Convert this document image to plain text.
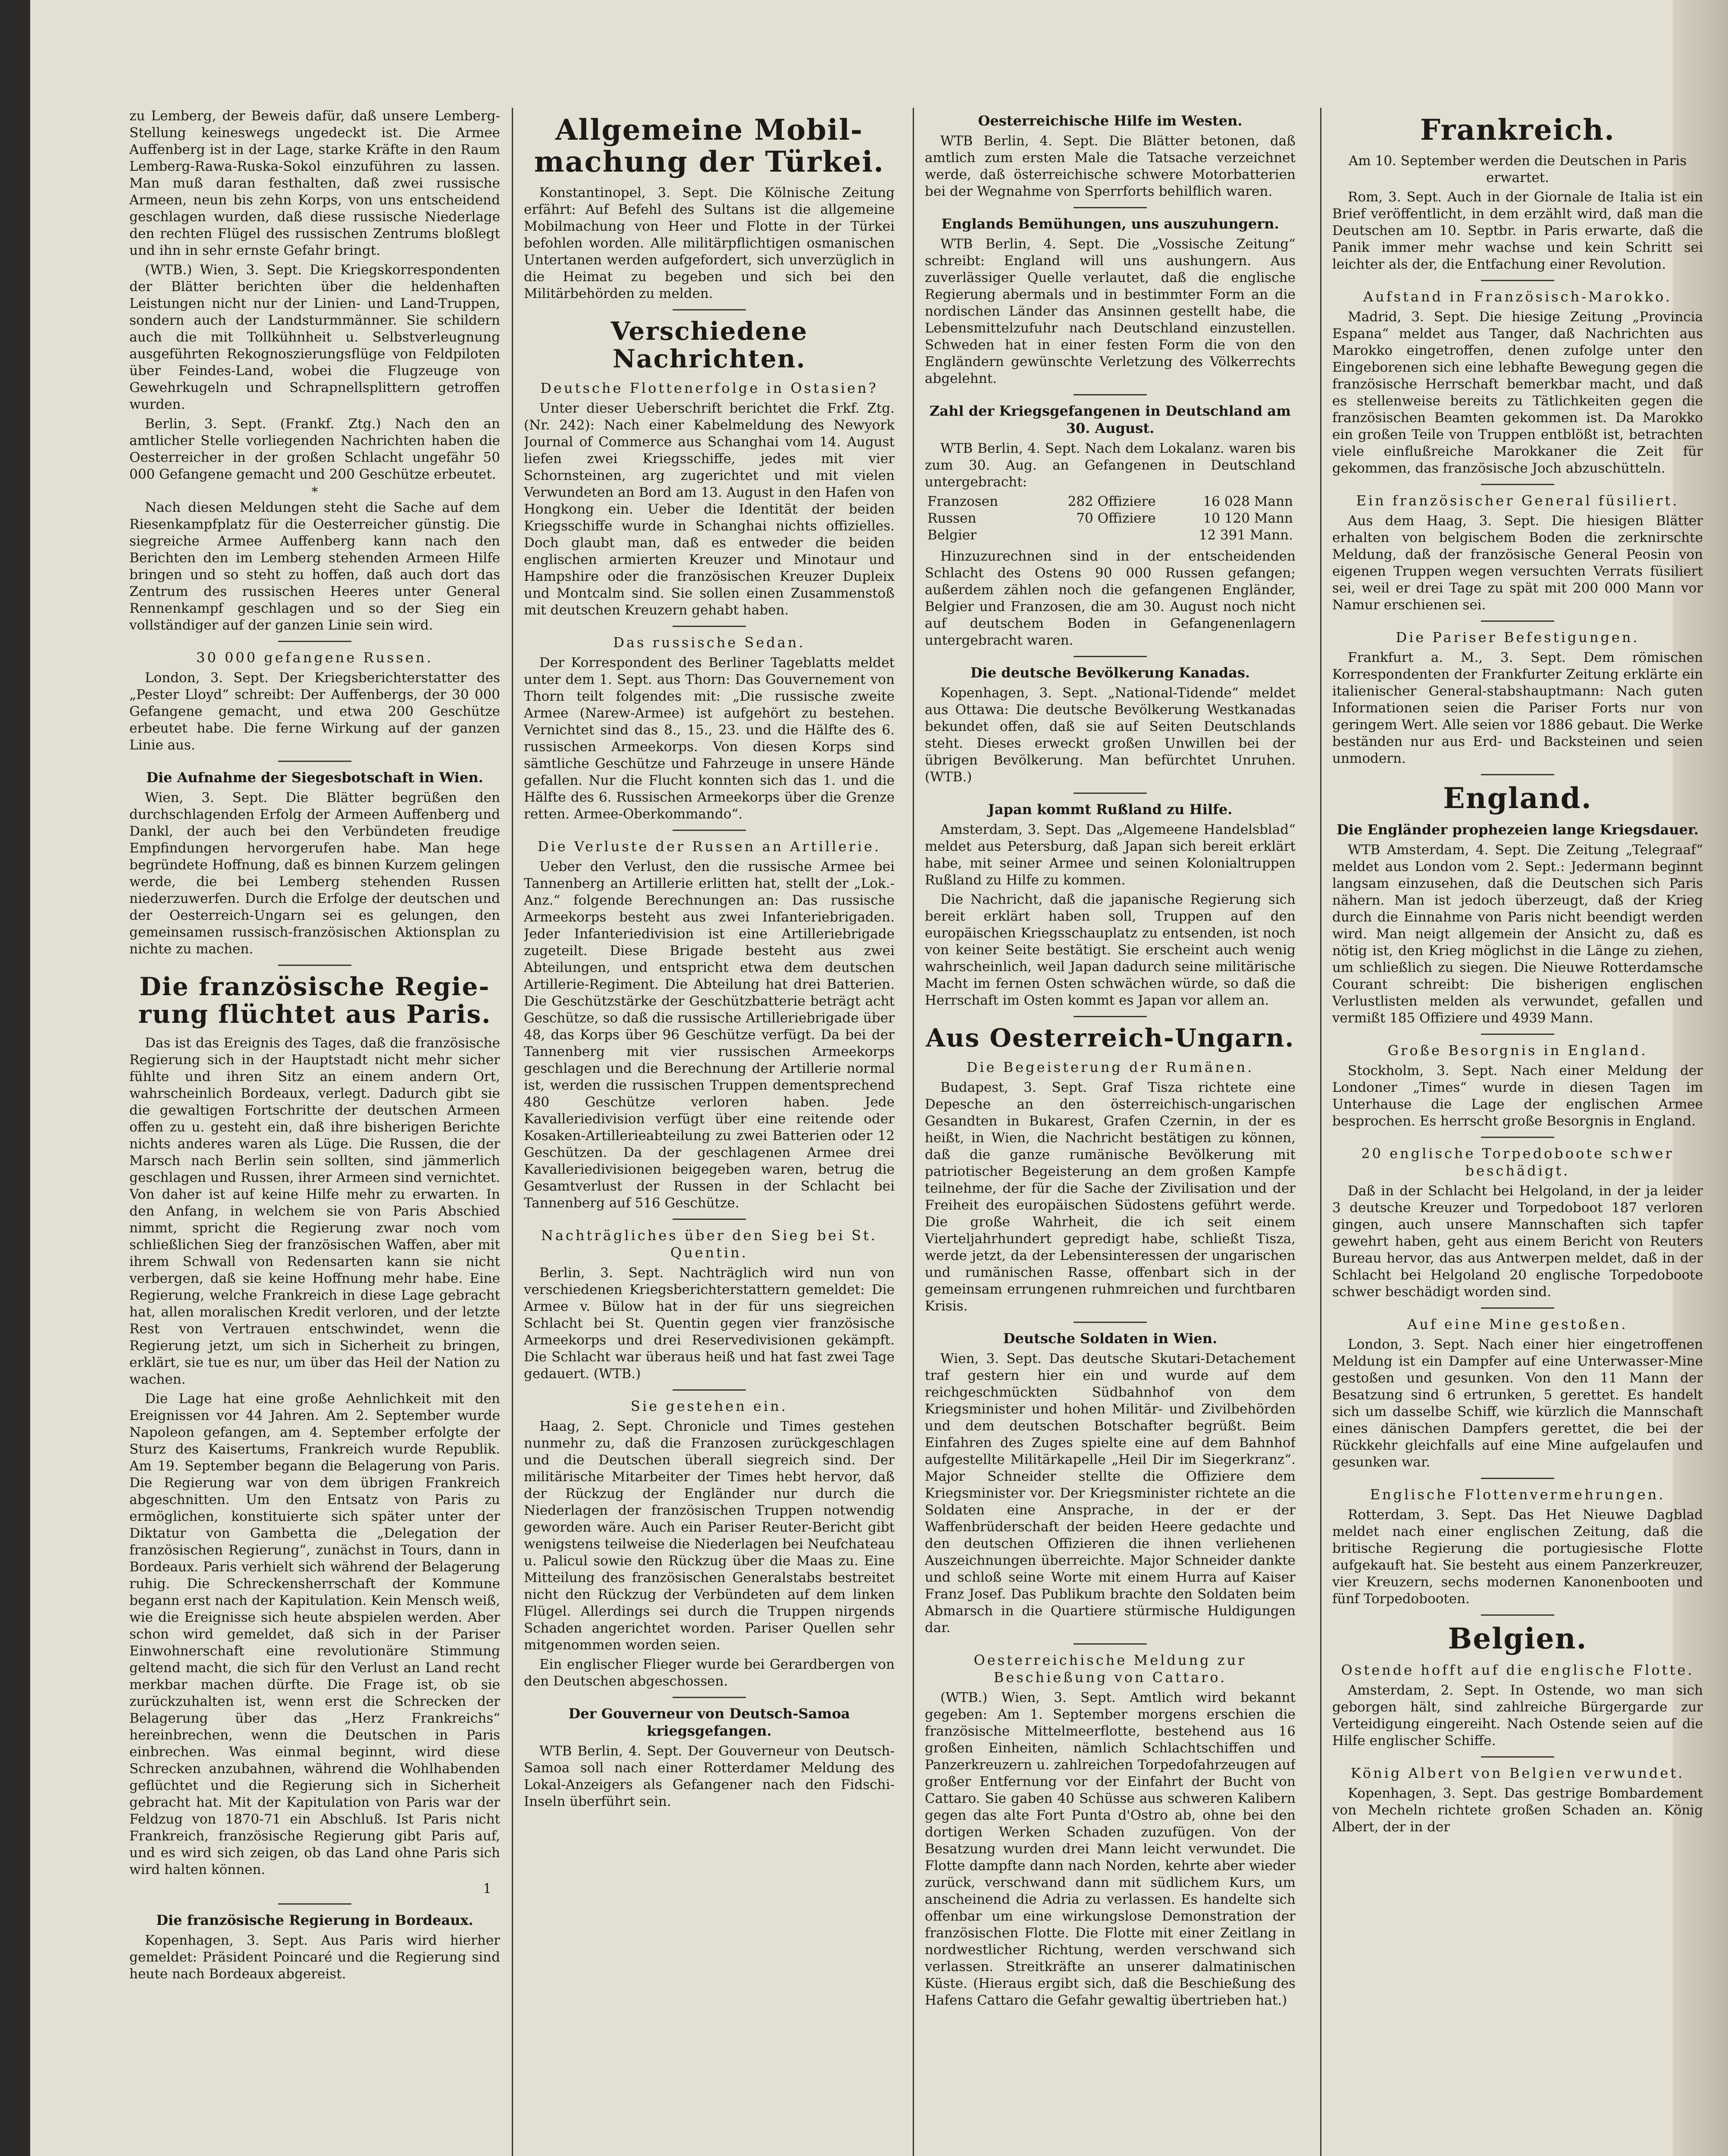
zu Lemberg, der Beweis dafür, daß unsere Lemberg-Stellung keineswegs ungedeckt ist. Die Armee Auffenberg ist in der Lage, starke Kräfte in den Raum Lemberg-Rawa-Ruska-Sokol einzuführen zu lassen. Man muß daran festhalten, daß zwei russische Armeen, neun bis zehn Korps, von uns entscheidend geschlagen wurden, daß diese russische Niederlage den rechten Flügel des russischen Zentrums bloßlegt und ihn in sehr ernste Gefahr bringt.

(WTB.) Wien, 3. Sept. Die Kriegskorrespondenten der Blätter berichten über die heldenhaften Leistungen nicht nur der Linien- und Land-Truppen, sondern auch der Landsturmmänner. Sie schildern auch die mit Tollkühnheit u. Selbstverleugnung ausgeführten Rekognoszierungsflüge von Feldpiloten über Feindes-Land, wobei die Flugzeuge von Gewehrkugeln und Schrapnellsplittern getroffen wurden.

Berlin, 3. Sept. (Frankf. Ztg.) Nach den an amtlicher Stelle vorliegenden Nachrichten haben die Oesterreicher in der großen Schlacht ungefähr 50 000 Gefangene gemacht und 200 Geschütze erbeutet.

*

Nach diesen Meldungen steht die Sache auf dem Riesenkampfplatz für die Oesterreicher günstig. Die siegreiche Armee Auffenberg kann nach den Berichten den im Lemberg stehenden Armeen Hilfe bringen und so steht zu hoffen, daß auch dort das Zentrum des russischen Heeres unter General Rennenkampf geschlagen und so der Sieg ein vollständiger auf der ganzen Linie sein wird.

30 000 gefangene Russen.

London, 3. Sept. Der Kriegsberichterstatter des „Pester Lloyd“ schreibt: Der Auffenbergs, der 30 000 Gefangene gemacht, und etwa 200 Geschütze erbeutet habe. Die ferne Wirkung auf der ganzen Linie aus.

Die Aufnahme der Siegesbotschaft in Wien.

Wien, 3. Sept. Die Blätter begrüßen den durchschlagenden Erfolg der Armeen Auffenberg und Dankl, der auch bei den Verbündeten freudige Empfindungen hervorgerufen habe. Man hege begründete Hoffnung, daß es binnen Kurzem gelingen werde, die bei Lemberg stehenden Russen niederzuwerfen. Durch die Erfolge der deutschen und der Oesterreich-Ungarn sei es gelungen, den gemeinsamen russisch-französischen Aktionsplan zu nichte zu machen.

Die französische Regie-
rung flüchtet aus Paris.

Das ist das Ereignis des Tages, daß die französische Regierung sich in der Hauptstadt nicht mehr sicher fühlte und ihren Sitz an einem andern Ort, wahrscheinlich Bordeaux, verlegt. Dadurch gibt sie die gewaltigen Fortschritte der deutschen Armeen offen zu u. gesteht ein, daß ihre bisherigen Berichte nichts anderes waren als Lüge. Die Russen, die der Marsch nach Berlin sein sollten, sind jämmerlich geschlagen und Russen, ihrer Armeen sind vernichtet. Von daher ist auf keine Hilfe mehr zu erwarten. In den Anfang, in welchem sie von Paris Abschied nimmt, spricht die Regierung zwar noch vom schließlichen Sieg der französischen Waffen, aber mit ihrem Schwall von Redensarten kann sie nicht verbergen, daß sie keine Hoffnung mehr habe. Eine Regierung, welche Frankreich in diese Lage gebracht hat, allen moralischen Kredit verloren, und der letzte Rest von Vertrauen entschwindet, wenn die Regierung jetzt, um sich in Sicherheit zu bringen, erklärt, sie tue es nur, um über das Heil der Nation zu wachen.

Die Lage hat eine große Aehnlichkeit mit den Ereignissen vor 44 Jahren. Am 2. September wurde Napoleon gefangen, am 4. September erfolgte der Sturz des Kaisertums, Frankreich wurde Republik. Am 19. September begann die Belagerung von Paris. Die Regierung war von dem übrigen Frankreich abgeschnitten. Um den Entsatz von Paris zu ermöglichen, konstituierte sich später unter der Diktatur von Gambetta die „Delegation der französischen Regierung“, zunächst in Tours, dann in Bordeaux. Paris verhielt sich während der Belagerung ruhig. Die Schreckensherrschaft der Kommune begann erst nach der Kapitulation. Kein Mensch weiß, wie die Ereignisse sich heute abspielen werden. Aber schon wird gemeldet, daß sich in der Pariser Einwohnerschaft eine revolutionäre Stimmung geltend macht, die sich für den Verlust an Land recht merkbar machen dürfte. Die Frage ist, ob sie zurückzuhalten ist, wenn erst die Schrecken der Belagerung über das „Herz Frankreichs“ hereinbrechen, wenn die Deutschen in Paris einbrechen. Was einmal beginnt, wird diese Schrecken anzubahnen, während die Wohlhabenden geflüchtet und die Regierung sich in Sicherheit gebracht hat. Mit der Kapitulation von Paris war der Feldzug von 1870-71 ein Abschluß. Ist Paris nicht Frankreich, französische Regierung gibt Paris auf, und es wird sich zeigen, ob das Land ohne Paris sich wird halten können.

1
Die französische Regierung in Bordeaux.

Kopenhagen, 3. Sept. Aus Paris wird hierher gemeldet: Präsident Poincaré und die Regierung sind heute nach Bordeaux abgereist.

Allgemeine Mobil-
machung der Türkei.

Konstantinopel, 3. Sept. Die Kölnische Zeitung erfährt: Auf Befehl des Sultans ist die allgemeine Mobilmachung von Heer und Flotte in der Türkei befohlen worden. Alle militärpflichtigen osmanischen Untertanen werden aufgefordert, sich unverzüglich in die Heimat zu begeben und sich bei den Militärbehörden zu melden.

Verschiedene Nachrichten.
Deutsche Flottenerfolge in Ostasien?

Unter dieser Ueberschrift berichtet die Frkf. Ztg. (Nr. 242): Nach einer Kabelmeldung des Newyork Journal of Commerce aus Schanghai vom 14. August liefen zwei Kriegsschiffe, jedes mit vier Schornsteinen, arg zugerichtet und mit vielen Verwundeten an Bord am 13. August in den Hafen von Hongkong ein. Ueber die Identität der beiden Kriegsschiffe wurde in Schanghai nichts offizielles. Doch glaubt man, daß es entweder die beiden englischen armierten Kreuzer und Minotaur und Hampshire oder die französischen Kreuzer Dupleix und Montcalm sind. Sie sollen einen Zusammenstoß mit deutschen Kreuzern gehabt haben.

Das russische Sedan.

Der Korrespondent des Berliner Tageblatts meldet unter dem 1. Sept. aus Thorn: Das Gouvernement von Thorn teilt folgendes mit: „Die russische zweite Armee (Narew-Armee) ist aufgehört zu bestehen. Vernichtet sind das 8., 15., 23. und die Hälfte des 6. russischen Armeekorps. Von diesen Korps sind sämtliche Geschütze und Fahrzeuge in unsere Hände gefallen. Nur die Flucht konnten sich das 1. und die Hälfte des 6. Russischen Armeekorps über die Grenze retten. Armee-Oberkommando“.

Die Verluste der Russen an Artillerie.

Ueber den Verlust, den die russische Armee bei Tannenberg an Artillerie erlitten hat, stellt der „Lok.-Anz.“ folgende Berechnungen an: Das russische Armeekorps besteht aus zwei Infanteriebrigaden. Jeder Infanteriedivision ist eine Artilleriebrigade zugeteilt. Diese Brigade besteht aus zwei Abteilungen, und entspricht etwa dem deutschen Artillerie-Regiment. Die Abteilung hat drei Batterien. Die Geschützstärke der Geschützbatterie beträgt acht Geschütze, so daß die russische Artilleriebrigade über 48, das Korps über 96 Geschütze verfügt. Da bei der Tannenberg mit vier russischen Armeekorps geschlagen und die Berechnung der Artillerie normal ist, werden die russischen Truppen dementsprechend 480 Geschütze verloren haben. Jede Kavalleriedivision verfügt über eine reitende oder Kosaken-Artillerieabteilung zu zwei Batterien oder 12 Geschützen. Da der geschlagenen Armee drei Kavalleriedivisionen beigegeben waren, betrug die Gesamtverlust der Russen in der Schlacht bei Tannenberg auf 516 Geschütze.

Nachträgliches über den Sieg bei St. Quentin.

Berlin, 3. Sept. Nachträglich wird nun von verschiedenen Kriegsberichterstattern gemeldet: Die Armee v. Bülow hat in der für uns siegreichen Schlacht bei St. Quentin gegen vier französische Armeekorps und drei Reservedivisionen gekämpft. Die Schlacht war überaus heiß und hat fast zwei Tage gedauert. (WTB.)

Sie gestehen ein.

Haag, 2. Sept. Chronicle und Times gestehen nunmehr zu, daß die Franzosen zurückgeschlagen und die Deutschen überall siegreich sind. Der militärische Mitarbeiter der Times hebt hervor, daß der Rückzug der Engländer nur durch die Niederlagen der französischen Truppen notwendig geworden wäre. Auch ein Pariser Reuter-Bericht gibt wenigstens teilweise die Niederlagen bei Neufchateau u. Palicul sowie den Rückzug über die Maas zu. Eine Mitteilung des französischen Generalstabs bestreitet nicht den Rückzug der Verbündeten auf dem linken Flügel. Allerdings sei durch die Truppen nirgends Schaden angerichtet worden. Pariser Quellen sehr mitgenommen worden seien.

Ein englischer Flieger wurde bei Gerardbergen von den Deutschen abgeschossen.

Der Gouverneur von Deutsch-Samoa
kriegsgefangen.

WTB Berlin, 4. Sept. Der Gouverneur von Deutsch-Samoa soll nach einer Rotterdamer Meldung des Lokal-Anzeigers als Gefangener nach den Fidschi-Inseln überführt sein.

Oesterreichische Hilfe im Westen.

WTB Berlin, 4. Sept. Die Blätter betonen, daß amtlich zum ersten Male die Tatsache verzeichnet werde, daß österreichische schwere Motorbatterien bei der Wegnahme von Sperrforts behilflich waren.

Englands Bemühungen, uns auszuhungern.

WTB Berlin, 4. Sept. Die „Vossische Zeitung“ schreibt: England will uns aushungern. Aus zuverlässiger Quelle verlautet, daß die englische Regierung abermals und in bestimmter Form an die nordischen Länder das Ansinnen gestellt habe, die Lebensmittelzufuhr nach Deutschland einzustellen. Schweden hat in einer festen Form die von den Engländern gewünschte Verletzung des Völkerrechts abgelehnt.

Zahl der Kriegsgefangenen in Deutschland am 30. August.

WTB Berlin, 4. Sept. Nach dem Lokalanz. waren bis zum 30. Aug. an Gefangenen in Deutschland untergebracht:

Franzosen	282 Offiziere	16 028 Mann
Russen	70 Offiziere	10 120 Mann
Belgier		12 391 Mann.

Hinzuzurechnen sind in der entscheidenden Schlacht des Ostens 90 000 Russen gefangen; außerdem zählen noch die gefangenen Engländer, Belgier und Franzosen, die am 30. August noch nicht auf deutschem Boden in Gefangenenlagern untergebracht waren.

Die deutsche Bevölkerung Kanadas.

Kopenhagen, 3. Sept. „National-Tidende“ meldet aus Ottawa: Die deutsche Bevölkerung Westkanadas bekundet offen, daß sie auf Seiten Deutschlands steht. Dieses erweckt großen Unwillen bei der übrigen Bevölkerung. Man befürchtet Unruhen. (WTB.)

Japan kommt Rußland zu Hilfe.

Amsterdam, 3. Sept. Das „Algemeene Handelsblad“ meldet aus Petersburg, daß Japan sich bereit erklärt habe, mit seiner Armee und seinen Kolonialtruppen Rußland zu Hilfe zu kommen.

Die Nachricht, daß die japanische Regierung sich bereit erklärt haben soll, Truppen auf den europäischen Kriegsschauplatz zu entsenden, ist noch von keiner Seite bestätigt. Sie erscheint auch wenig wahrscheinlich, weil Japan dadurch seine militärische Macht im fernen Osten schwächen würde, so daß die Herrschaft im Osten kommt es Japan vor allem an.

Aus Oesterreich-Ungarn.
Die Begeisterung der Rumänen.

Budapest, 3. Sept. Graf Tisza richtete eine Depesche an den österreichisch-ungarischen Gesandten in Bukarest, Grafen Czernin, in der es heißt, in Wien, die Nachricht bestätigen zu können, daß die ganze rumänische Bevölkerung mit patriotischer Begeisterung an dem großen Kampfe teilnehme, der für die Sache der Zivilisation und der Freiheit des europäischen Südostens geführt werde. Die große Wahrheit, die ich seit einem Vierteljahrhundert gepredigt habe, schließt Tisza, werde jetzt, da der Lebensinteressen der ungarischen und rumänischen Rasse, offenbart sich in der gemeinsam errungenen ruhmreichen und furchtbaren Krisis.

Deutsche Soldaten in Wien.

Wien, 3. Sept. Das deutsche Skutari-Detachement traf gestern hier ein und wurde auf dem reichgeschmückten Südbahnhof von dem Kriegsminister und hohen Militär- und Zivilbehörden und dem deutschen Botschafter begrüßt. Beim Einfahren des Zuges spielte eine auf dem Bahnhof aufgestellte Militärkapelle „Heil Dir im Siegerkranz“. Major Schneider stellte die Offiziere dem Kriegsminister vor. Der Kriegsminister richtete an die Soldaten eine Ansprache, in der er der Waffenbrüderschaft der beiden Heere gedachte und den deutschen Offizieren die ihnen verliehenen Auszeichnungen überreichte. Major Schneider dankte und schloß seine Worte mit einem Hurra auf Kaiser Franz Josef. Das Publikum brachte den Soldaten beim Abmarsch in die Quartiere stürmische Huldigungen dar.

Oesterreichische Meldung zur Beschießung von Cattaro.

(WTB.) Wien, 3. Sept. Amtlich wird bekannt gegeben: Am 1. September morgens erschien die französische Mittelmeerflotte, bestehend aus 16 großen Einheiten, nämlich Schlachtschiffen und Panzerkreuzern u. zahlreichen Torpedofahrzeugen auf großer Entfernung vor der Einfahrt der Bucht von Cattaro. Sie gaben 40 Schüsse aus schweren Kalibern gegen das alte Fort Punta d'Ostro ab, ohne bei den dortigen Werken Schaden zuzufügen. Von der Besatzung wurden drei Mann leicht verwundet. Die Flotte dampfte dann nach Norden, kehrte aber wieder zurück, verschwand dann mit südlichem Kurs, um anscheinend die Adria zu verlassen. Es handelte sich offenbar um eine wirkungslose Demonstration der französischen Flotte. Die Flotte mit einer Zeitlang in nordwestlicher Richtung, werden verschwand sich verlassen. Streitkräfte an unserer dalmatinischen Küste. (Hieraus ergibt sich, daß die Beschießung des Hafens Cattaro die Gefahr gewaltig übertrieben hat.)

Frankreich.

Am 10. September werden die Deutschen in Paris erwartet.

Rom, 3. Sept. Auch in der Giornale de Italia ist ein Brief veröffentlicht, in dem erzählt wird, daß man die Deutschen am 10. Septbr. in Paris erwarte, daß die Panik immer mehr wachse und kein Schritt sei leichter als der, die Entfachung einer Revolution.

Aufstand in Französisch-Marokko.

Madrid, 3. Sept. Die hiesige Zeitung „Provincia Espana“ meldet aus Tanger, daß Nachrichten aus Marokko eingetroffen, denen zufolge unter den Eingeborenen sich eine lebhafte Bewegung gegen die französische Herrschaft bemerkbar macht, und daß es stellenweise bereits zu Tätlichkeiten gegen die französischen Beamten gekommen ist. Da Marokko ein großen Teile von Truppen entblößt ist, betrachten viele einflußreiche Marokkaner die Zeit für gekommen, das französische Joch abzuschütteln.

Ein französischer General füsiliert.

Aus dem Haag, 3. Sept. Die hiesigen Blätter erhalten von belgischem Boden die zerknirschte Meldung, daß der französische General Peosin von eigenen Truppen wegen versuchten Verrats füsiliert sei, weil er drei Tage zu spät mit 200 000 Mann vor Namur erschienen sei.

Die Pariser Befestigungen.

Frankfurt a. M., 3. Sept. Dem römischen Korrespondenten der Frankfurter Zeitung erklärte ein italienischer General-stabshauptmann: Nach guten Informationen seien die Pariser Forts nur von geringem Wert. Alle seien vor 1886 gebaut. Die Werke beständen nur aus Erd- und Backsteinen und seien unmodern.

England.
Die Engländer prophezeien lange Kriegsdauer.

WTB Amsterdam, 4. Sept. Die Zeitung „Telegraaf“ meldet aus London vom 2. Sept.: Jedermann beginnt langsam einzusehen, daß die Deutschen sich Paris nähern. Man ist jedoch überzeugt, daß der Krieg durch die Einnahme von Paris nicht beendigt werden wird. Man neigt allgemein der Ansicht zu, daß es nötig ist, den Krieg möglichst in die Länge zu ziehen, um schließlich zu siegen. Die Nieuwe Rotterdamsche Courant schreibt: Die bisherigen englischen Verlustlisten melden als verwundet, gefallen und vermißt 185 Offiziere und 4939 Mann.

Große Besorgnis in England.

Stockholm, 3. Sept. Nach einer Meldung der Londoner „Times“ wurde in diesen Tagen im Unterhause die Lage der englischen Armee besprochen. Es herrscht große Besorgnis in England.

20 englische Torpedoboote schwer beschädigt.

Daß in der Schlacht bei Helgoland, in der ja leider 3 deutsche Kreuzer und Torpedoboot 187 verloren gingen, auch unsere Mannschaften sich tapfer gewehrt haben, geht aus einem Bericht von Reuters Bureau hervor, das aus Antwerpen meldet, daß in der Schlacht bei Helgoland 20 englische Torpedoboote schwer beschädigt worden sind.

Auf eine Mine gestoßen.

London, 3. Sept. Nach einer hier eingetroffenen Meldung ist ein Dampfer auf eine Unterwasser-Mine gestoßen und gesunken. Von den 11 Mann der Besatzung sind 6 ertrunken, 5 gerettet. Es handelt sich um dasselbe Schiff, wie kürzlich die Mannschaft eines dänischen Dampfers gerettet, die bei der Rückkehr gleichfalls auf eine Mine aufgelaufen und gesunken war.

Englische Flottenvermehrungen.

Rotterdam, 3. Sept. Das Het Nieuwe Dagblad meldet nach einer englischen Zeitung, daß die britische Regierung die portugiesische Flotte aufgekauft hat. Sie besteht aus einem Panzerkreuzer, vier Kreuzern, sechs modernen Kanonenbooten und fünf Torpedobooten.

Belgien.
Ostende hofft auf die englische Flotte.

Amsterdam, 2. Sept. In Ostende, wo man sich geborgen hält, sind zahlreiche Bürgergarde zur Verteidigung eingereiht. Nach Ostende seien auf die Hilfe englischer Schiffe.

König Albert von Belgien verwundet.

Kopenhagen, 3. Sept. Das gestrige Bombardement von Mecheln richtete großen Schaden an. König Albert, der in der
